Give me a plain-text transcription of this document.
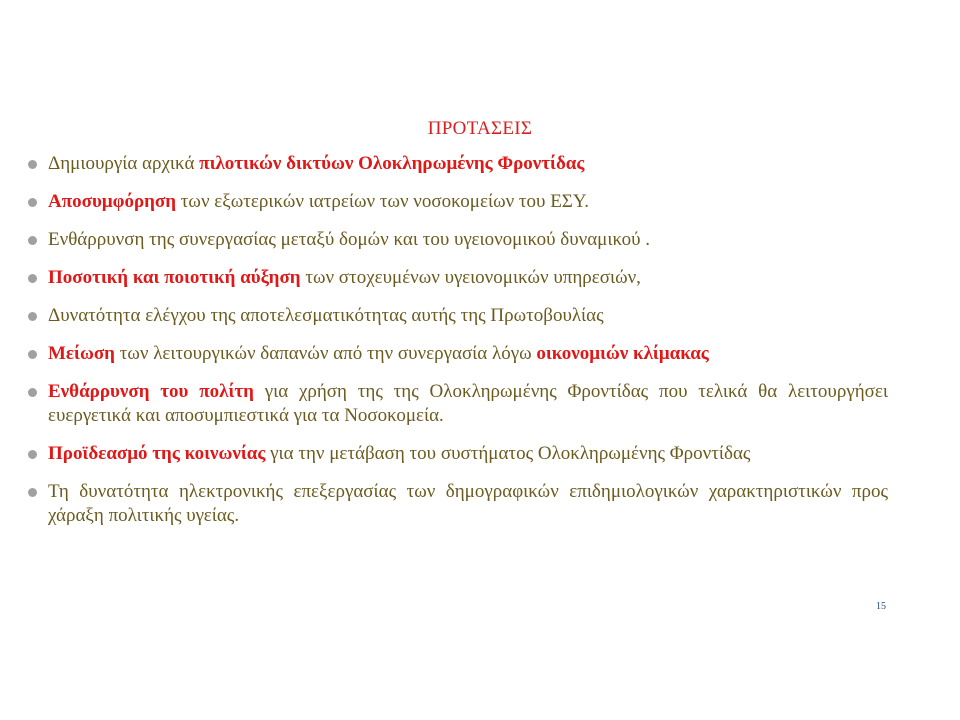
ΠΡΟΤΑΣΕΙΣ
Δημιουργία αρχικά πιλοτικών δικτύων Ολοκληρωμένης Φροντίδας
Αποσυμφόρηση των εξωτερικών ιατρείων των νοσοκομείων του ΕΣΥ.
Ενθάρρυνση της συνεργασίας μεταξύ δομών και του υγειονομικού δυναμικού .
Ποσοτική και ποιοτική αύξηση των στοχευμένων υγειονομικών υπηρεσιών,
Δυνατότητα ελέγχου της αποτελεσματικότητας αυτής της Πρωτοβουλίας
Μείωση των λειτουργικών δαπανών από την συνεργασία λόγω οικονομιών κλίμακας
Ενθάρρυνση του πολίτη για χρήση της της Ολοκληρωμένης Φροντίδας που τελικά θα λειτουργήσει ευεργετικά και αποσυμπιεστικά για τα Νοσοκομεία.
Προϊδεασμό της κοινωνίας για την μετάβαση του συστήματος Ολοκληρωμένης Φροντίδας
Τη δυνατότητα ηλεκτρονικής επεξεργασίας των δημογραφικών επιδημιολογικών χαρακτηριστικών προς χάραξη πολιτικής υγείας.
15
